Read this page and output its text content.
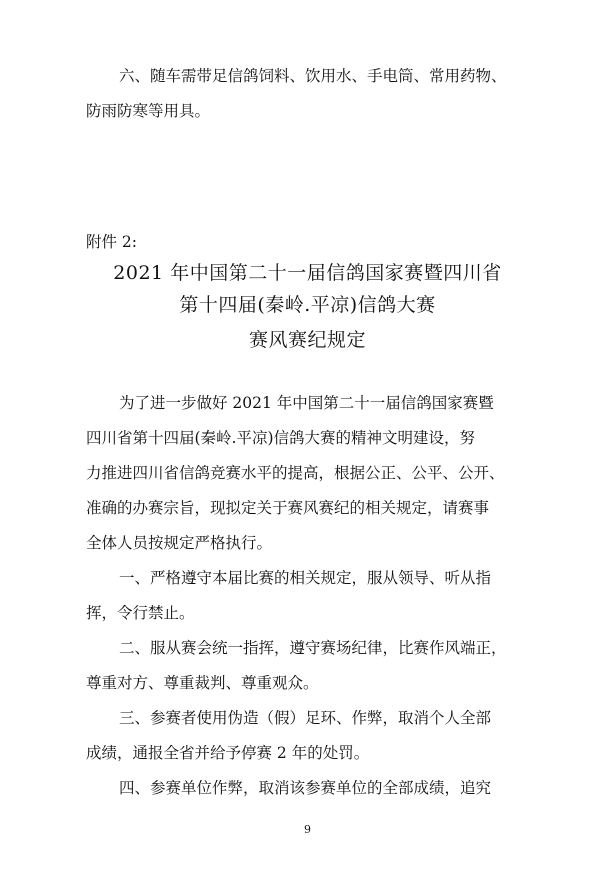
六、随车需带足信鸽饲料、饮用水、手电筒、常用药物、
防雨防寒等用具。
附件 2:
2021 年中国第二十一届信鸽国家赛暨四川省
第十四届(秦岭.平凉)信鸽大赛
赛风赛纪规定
为了进一步做好 2021 年中国第二十一届信鸽国家赛暨
四川省第十四届(秦岭.平凉)信鸽大赛的精神文明建设，努
力推进四川省信鸽竞赛水平的提高，根据公正、公平、公开、
准确的办赛宗旨，现拟定关于赛风赛纪的相关规定，请赛事
全体人员按规定严格执行。
一、严格遵守本届比赛的相关规定，服从领导、听从指
挥，令行禁止。
二、服从赛会统一指挥，遵守赛场纪律，比赛作风端正，
尊重对方、尊重裁判、尊重观众。
三、参赛者使用伪造（假）足环、作弊，取消个人全部
成绩，通报全省并给予停赛 2 年的处罚。
四、参赛单位作弊，取消该参赛单位的全部成绩，追究
9
